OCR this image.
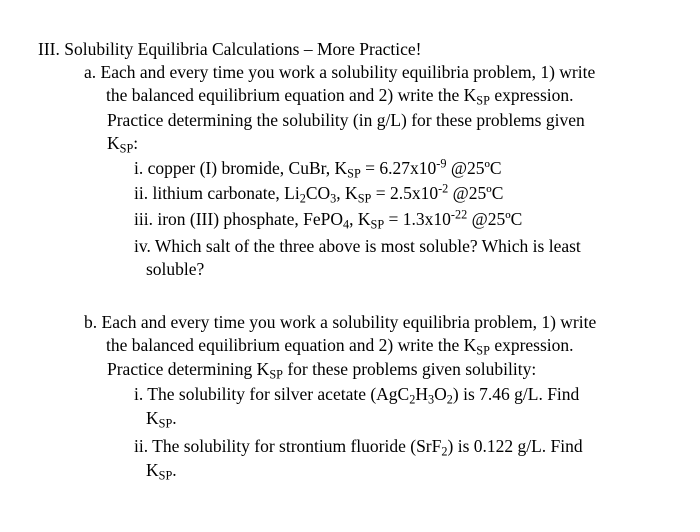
III. Solubility Equilibria Calculations – More Practice!
a. Each and every time you work a solubility equilibria problem, 1) write
the balanced equilibrium equation and 2) write the $K_{SP}$ expression.
Practice determining the solubility (in g/L) for these problems given
$K_{SP}$:
i. copper (I) bromide, CuBr, $K_{SP} = 6.27x10^{-9}$ @25ºC
ii. lithium carbonate, $Li_2CO_3$, $K_{SP} = 2.5x10^{-2}$ @25ºC
iii. iron (III) phosphate, FePO$_4$, $K_{SP} = 1.3x10^{-22}$ @25ºC
iv. Which salt of the three above is most soluble? Which is least
soluble?
b. Each and every time you work a solubility equilibria problem, 1) write
the balanced equilibrium equation and 2) write the $K_{SP}$ expression.
Practice determining $K_{SP}$ for these problems given solubility:
i. The solubility for silver acetate $(AgC_2H_3O_2)$ is 7.46 g/L. Find
$K_{SP}$.
ii. The solubility for strontium fluoride (SrF$_2$) is 0.122 g/L. Find
$K_{SP}$.
